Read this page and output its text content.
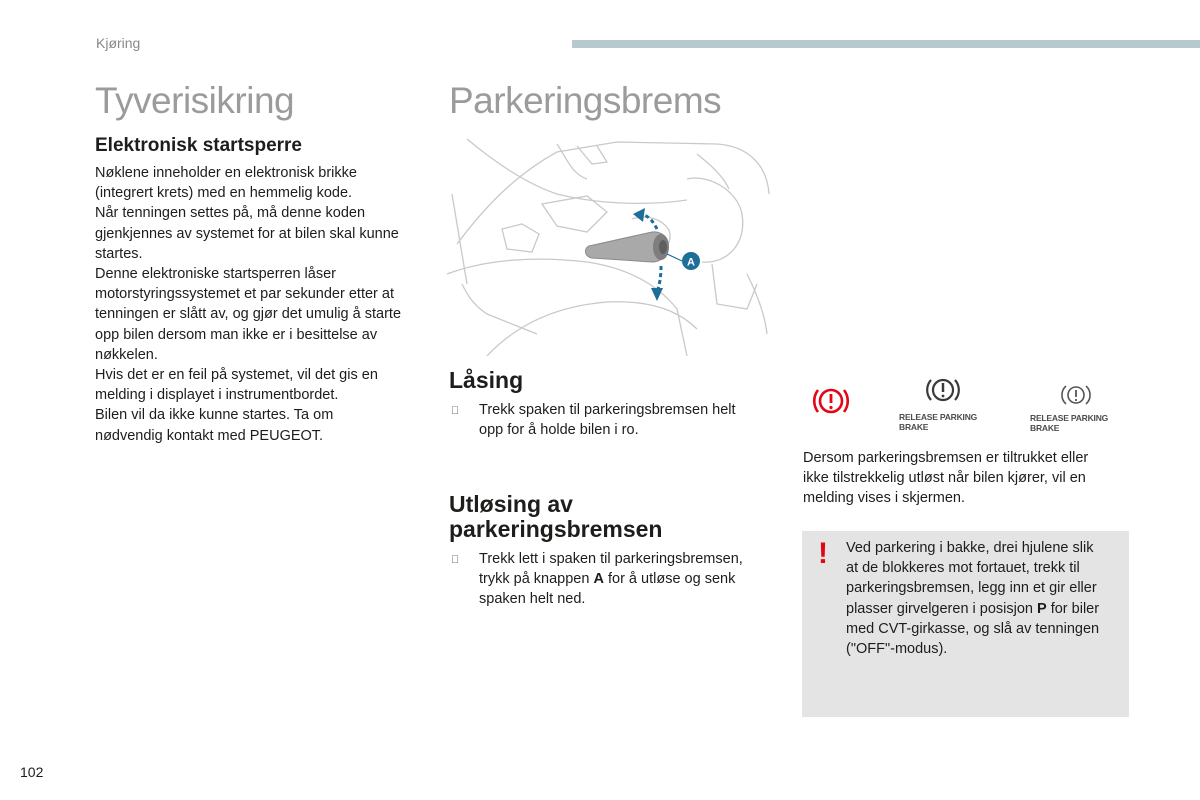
Kjøring
Tyverisikring
Elektronisk startsperre
Nøklene inneholder en elektronisk brikke
(integrert krets) med en hemmelig kode.
Når tenningen settes på, må denne koden
gjenkjennes av systemet for at bilen skal kunne
startes.
Denne elektroniske startsperren låser
motorstyringssystemet et par sekunder etter at
tenningen er slått av, og gjør det umulig å starte
opp bilen dersom man ikke er i besittelse av
nøkkelen.
Hvis det er en feil på systemet, vil det gis en
melding i displayet i instrumentbordet.
Bilen vil da ikke kunne startes. Ta om
nødvendig kontakt med PEUGEOT.
Parkeringsbrems
A
Låsing
Trekk spaken til parkeringsbremsen helt
opp for å holde bilen i ro.
Utløsing av
parkeringsbremsen
Trekk lett i spaken til parkeringsbremsen,
trykk på knappen A for å utløse og senk
spaken helt ned.
RELEASE PARKING
BRAKE
RELEASE PARKING BRAKE
Dersom parkeringsbremsen er tiltrukket eller
ikke tilstrekkelig utløst når bilen kjører, vil en
melding vises i skjermen.
! Ved parkering i bakke, drei hjulene slik
at de blokkeres mot fortauet, trekk til
parkeringsbremsen, legg inn et gir eller
plasser girvelgeren i posisjon P for biler
med CVT-girkasse, og slå av tenningen
("OFF"-modus).
102
